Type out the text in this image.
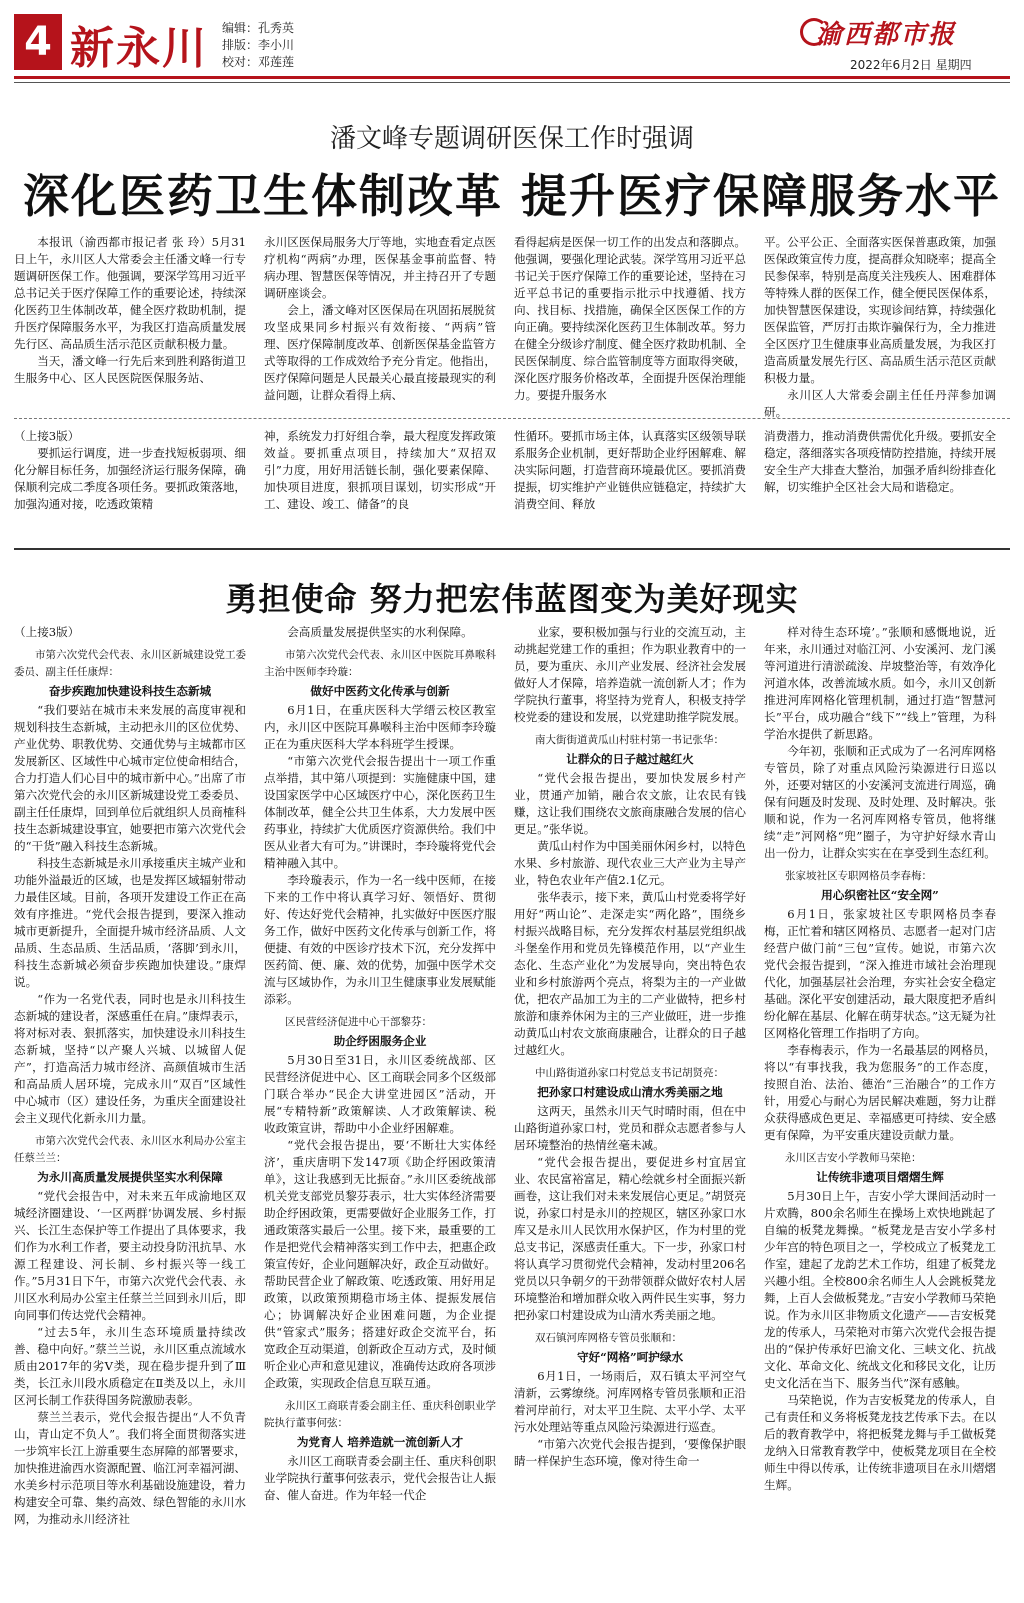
4 新永川 编辑：孔秀英
排版：李小川
校对：邓莲莲
渝西都市报
2022年6月2日 星期四
潘文峰专题调研医保工作时强调
深化医药卫生体制改革 提升医疗保障服务水平

本报讯（渝西都市报记者 张 玲）5月31日上午，永川区人大常委会主任潘文峰一行专题调研医保工作。他强调，要深学笃用习近平总书记关于医疗保障工作的重要论述，持续深化医药卫生体制改革，健全医疗救助机制，提升医疗保障服务水平，为我区打造高质量发展先行区、高品质生活示范区贡献积极力量。

当天，潘文峰一行先后来到胜利路街道卫生服务中心、区人民医院医保服务站、

永川区医保局服务大厅等地，实地查看定点医疗机构“两病”办理，医保基金事前监督、特病办理、智慧医保等情况，并主持召开了专题调研座谈会。

会上，潘文峰对区医保局在巩固拓展脱贫攻坚成果同乡村振兴有效衔接、“两病”管理、医疗保障制度改革、创新医保基金监管方式等取得的工作成效给予充分肯定。他指出，医疗保障问题是人民最关心最直接最现实的利益问题，让群众看得上病、

看得起病是医保一切工作的出发点和落脚点。他强调，要强化理论武装。深学笃用习近平总书记关于医疗保障工作的重要论述，坚持在习近平总书记的重要指示批示中找遵循、找方向、找目标、找措施，确保全区医保工作的方向正确。要持续深化医药卫生体制改革。努力在健全分级诊疗制度、健全医疗救助机制、全民医保制度、综合监管制度等方面取得突破，深化医疗服务价格改革，全面提升医保治理能力。要提升服务水

平。公平公正、全面落实医保普惠政策，加强医保政策宣传力度，提高群众知晓率；提高全民参保率，特别是高度关注残疾人、困难群体等特殊人群的医保工作，健全便民医保体系，加快智慧医保建设，实现诊间结算，持续强化医保监管，严厉打击欺诈骗保行为，全力推进全区医疗卫生健康事业高质量发展，为我区打造高质量发展先行区、高品质生活示范区贡献积极力量。

永川区人大常委会副主任任丹萍参加调研。

（上接3版）

要抓运行调度，进一步查找短板弱项、细化分解目标任务，加强经济运行服务保障，确保顺利完成二季度各项任务。要抓政策落地，加强沟通对接，吃透政策精

神，系统发力打好组合拳，最大程度发挥政策效益。要抓重点项目，持续加大“双招双引”力度，用好用活链长制，强化要素保障、加快项目进度，狠抓项目谋划，切实形成“开工、建设、竣工、储备”的良

性循环。要抓市场主体，认真落实区级领导联系服务企业机制，更好帮助企业纾困解难、解决实际问题，打造营商环境最优区。要抓消费提振，切实维护产业链供应链稳定，持续扩大消费空间、释放

消费潜力，推动消费供需优化升级。要抓安全稳定，落细落实各项疫情防控措施，持续开展安全生产大排查大整治，加强矛盾纠纷排查化解，切实维护全区社会大局和谐稳定。

勇担使命 努力把宏伟蓝图变为美好现实

（上接3版）

市第六次党代会代表、永川区新城建设党工委委员、副主任任康焊：

奋步疾跑加快建设科技生态新城

“我们要站在城市未来发展的高度审视和规划科技生态新城，主动把永川的区位优势、产业优势、职教优势、交通优势与主城都市区发展新区、区域性中心城市定位使命相结合，合力打造人们心目中的城市新中心。”出席了市第六次党代会的永川区新城建设党工委委员、副主任任康焊，回到单位后就组织人员商榷科技生态新城建设事宜，她要把市第六次党代会的“干货”融入科技生态新城。

科技生态新城是永川承接重庆主城产业和功能外溢最近的区域，也是发挥区域辐射带动力最佳区域。目前，各项开发建设工作正在高效有序推进。“党代会报告提到，要深入推动城市更新提升，全面提升城市经济品质、人文品质、生态品质、生活品质，‘落脚’到永川，科技生态新城必须奋步疾跑加快建设。”康焊说。

“作为一名党代表，同时也是永川科技生态新城的建设者，深感重任在肩。”康焊表示，将对标对表、狠抓落实，加快建设永川科技生态新城，坚持“以产聚人兴城、以城留人促产”，打造高活力城市经济、高颜值城市生活和高品质人居环境，完成永川“双百”区域性中心城市（区）建设任务，为重庆全面建设社会主义现代化新永川力量。

市第六次党代会代表、永川区水利局办公室主任蔡兰兰：

为永川高质量发展提供坚实水利保障

“党代会报告中，对未来五年成渝地区双城经济圈建设、‘一区两群’协调发展、乡村振兴、长江生态保护等工作提出了具体要求，我们作为水利工作者，要主动投身防汛抗旱、水源工程建设、河长制、乡村振兴等一线工作。”5月31日下午，市第六次党代会代表、永川区水利局办公室主任蔡兰兰回到永川后，即向同事们传达党代会精神。

“过去5年，永川生态环境质量持续改善、稳中向好。”蔡兰兰说，永川区重点流域水质由2017年的劣Ⅴ类，现在稳步提升到了Ⅲ类，长江永川段水质稳定在Ⅱ类及以上，永川区河长制工作获得国务院激励表彰。

蔡兰兰表示，党代会报告提出“人不负青山，青山定不负人”。我们将全面贯彻落实进一步筑牢长江上游重要生态屏障的部署要求，加快推进渝西水资源配置、临江河幸福河湖、水美乡村示范项目等水利基础设施建设，着力构建安全可靠、集约高效、绿色智能的永川水网，为推动永川经济社

会高质量发展提供坚实的水利保障。

市第六次党代会代表、永川区中医院耳鼻喉科主治中医师李玲璇：

做好中医药文化传承与创新

6月1日，在重庆医科大学缙云校区教室内，永川区中医院耳鼻喉科主治中医师李玲璇正在为重庆医科大学本科班学生授课。

“市第六次党代会报告提出十一项工作重点举措，其中第八项提到：实施健康中国，建设国家医学中心区域医疗中心，深化医药卫生体制改革，健全公共卫生体系，大力发展中医药事业，持续扩大优质医疗资源供给。我们中医从业者大有可为。”讲课时，李玲璇将党代会精神融入其中。

李玲璇表示，作为一名一线中医师，在接下来的工作中将认真学习好、领悟好、贯彻好、传达好党代会精神，扎实做好中医医疗服务工作，做好中医药文化传承与创新工作，将便捷、有效的中医诊疗技术下沉，充分发挥中医药简、便、廉、效的优势，加强中医学术交流与区域协作，为永川卫生健康事业发展赋能添彩。

区民营经济促进中心干部黎芬：

助企纾困服务企业

5月30日至31日，永川区委统战部、区民营经济促进中心、区工商联会同多个区级部门联合举办“民企大讲堂进园区”活动，开展“专精特新”政策解读、人才政策解读、税收政策宣讲，帮助中小企业纾困解难。

“党代会报告提出，要‘不断壮大实体经济’，重庆唐明下发147项《助企纾困政策清单》，这让我感到无比振奋。”永川区委统战部机关党支部党员黎芬表示，壮大实体经济需要助企纾困政策，更需要做好企业服务工作，打通政策落实最后一公里。接下来，最重要的工作是把党代会精神落实到工作中去，把惠企政策宣传好，企业问题解决好，政企互动做好。帮助民营企业了解政策、吃透政策、用好用足政策，以政策预期稳市场主体、提振发展信心；协调解决好企业困难问题，为企业提供“管家式”服务；搭建好政企交流平台，拓宽政企互动渠道，创新政企互动方式，及时倾听企业心声和意见建议，准确传达政府各项涉企政策，实现政企信息互联互通。

永川区工商联青委会副主任、重庆科创职业学院执行董事何弦：

为党育人 培养造就一流创新人才

永川区工商联青委会副主任、重庆科创职业学院执行董事何弦表示，党代会报告让人振奋、催人奋进。作为年轻一代企

业家，要积极加强与行业的交流互动，主动挑起党建工作的重担；作为职业教育中的一员，要为重庆、永川产业发展、经济社会发展做好人才保障，培养造就一流创新人才；作为学院执行董事，将坚持为党育人，积极支持学校党委的建设和发展，以党建助推学院发展。

南大街街道黄瓜山村驻村第一书记张华：

让群众的日子越过越红火

“党代会报告提出，要加快发展乡村产业，贯通产加销，融合农文旅，让农民有钱赚，这让我们围绕农文旅商康融合发展的信心更足。”张华说。

黄瓜山村作为中国美丽休闲乡村，以特色水果、乡村旅游、现代农业三大产业为主导产业，特色农业年产值2.1亿元。

张华表示，接下来，黄瓜山村党委将学好用好“两山论”、走深走实“两化路”，围绕乡村振兴战略目标，充分发挥农村基层党组织战斗堡垒作用和党员先锋模范作用，以“产业生态化、生态产业化”为发展导向，突出特色农业和乡村旅游两个亮点，将梨为主的一产业做优，把农产品加工为主的二产业做特，把乡村旅游和康养休闲为主的三产业做旺，进一步推动黄瓜山村农文旅商康融合，让群众的日子越过越红火。

中山路街道孙家口村党总支书记胡贤亮：

把孙家口村建设成山清水秀美丽之地

这两天，虽然永川天气时晴时雨，但在中山路街道孙家口村，党员和群众志愿者参与人居环境整治的热情丝毫未减。

“党代会报告提出，要促进乡村宜居宜业、农民富裕富足，精心绘就乡村全面振兴新画卷，这让我们对未来发展信心更足。”胡贤亮说，孙家口村是永川的控规区，辖区孙家口水库又是永川人民饮用水保护区，作为村里的党总支书记，深感责任重大。下一步，孙家口村将认真学习贯彻党代会精神，发动村里206名党员以只争朝夕的干劲带领群众做好农村人居环境整治和增加群众收入两件民生实事，努力把孙家口村建设成为山清水秀美丽之地。

双石镇河库网格专管员张顺和：

守好“网格”呵护绿水

6月1日，一场雨后，双石镇太平河空气清新，云雾缭绕。河库网格专管员张顺和正沿着河岸前行，对太平卫生院、太平小学、太平污水处理站等重点风险污染源进行巡查。

“市第六次党代会报告提到，‘要像保护眼睛一样保护生态环境，像对待生命一

样对待生态环境’。”张顺和感慨地说，近年来，永川通过对临江河、小安溪河、龙门溪等河道进行清淤疏浚、岸坡整治等，有效净化河道水体，改善流域水质。如今，永川又创新推进河库网格化管理机制，通过打造“智慧河长”平台，成功融合“线下”“线上”管理，为科学治水提供了新思路。

今年初，张顺和正式成为了一名河库网格专管员，除了对重点风险污染源进行日巡以外，还要对辖区的小安溪河支流进行周巡，确保有问题及时发现、及时处理、及时解决。张顺和说，作为一名河库网格专管员，他将继续“走”河网格“兜”圈子，为守护好绿水青山出一份力，让群众实实在在享受到生态红利。

张家坡社区专职网格员李春梅：

用心织密社区“安全网”

6月1日，张家坡社区专职网格员李春梅，正忙着和辖区网格员、志愿者一起对门店经营户做门前“三包”宣传。她说，市第六次党代会报告提到，“深入推进市域社会治理现代化，加强基层社会治理，夯实社会安全稳定基础。深化平安创建活动，最大限度把矛盾纠纷化解在基层、化解在萌芽状态。”这无疑为社区网格化管理工作指明了方向。

李春梅表示，作为一名最基层的网格员，将以“有事找我，我为您服务”的工作态度，按照自治、法治、德治“三治融合”的工作方针，用爱心与耐心为居民解决难题，努力让群众获得感成色更足、幸福感更可持续、安全感更有保障，为平安重庆建设贡献力量。

永川区吉安小学教师马荣艳：

让传统非遗项目熠熠生辉

5月30日上午，吉安小学大课间活动时一片欢腾，800余名师生在操场上欢快地跳起了自编的板凳龙舞操。“板凳龙是吉安小学多村少年宫的特色项目之一，学校成立了板凳龙工作室，建起了龙韵艺术工作坊，组建了板凳龙兴趣小组。全校800余名师生人人会跳板凳龙舞，上百人会做板凳龙。”吉安小学教师马荣艳说。作为永川区非物质文化遗产——吉安板凳龙的传承人，马荣艳对市第六次党代会报告提出的“保护传承好巴渝文化、三峡文化、抗战文化、革命文化、统战文化和移民文化，让历史文化活在当下、服务当代”深有感触。

马荣艳说，作为吉安板凳龙的传承人，自己有责任和义务将板凳龙技艺传承下去。在以后的教育教学中，将把板凳龙舞与手工做板凳龙纳入日常教育教学中，使板凳龙项目在全校师生中得以传承，让传统非遗项目在永川熠熠生辉。
